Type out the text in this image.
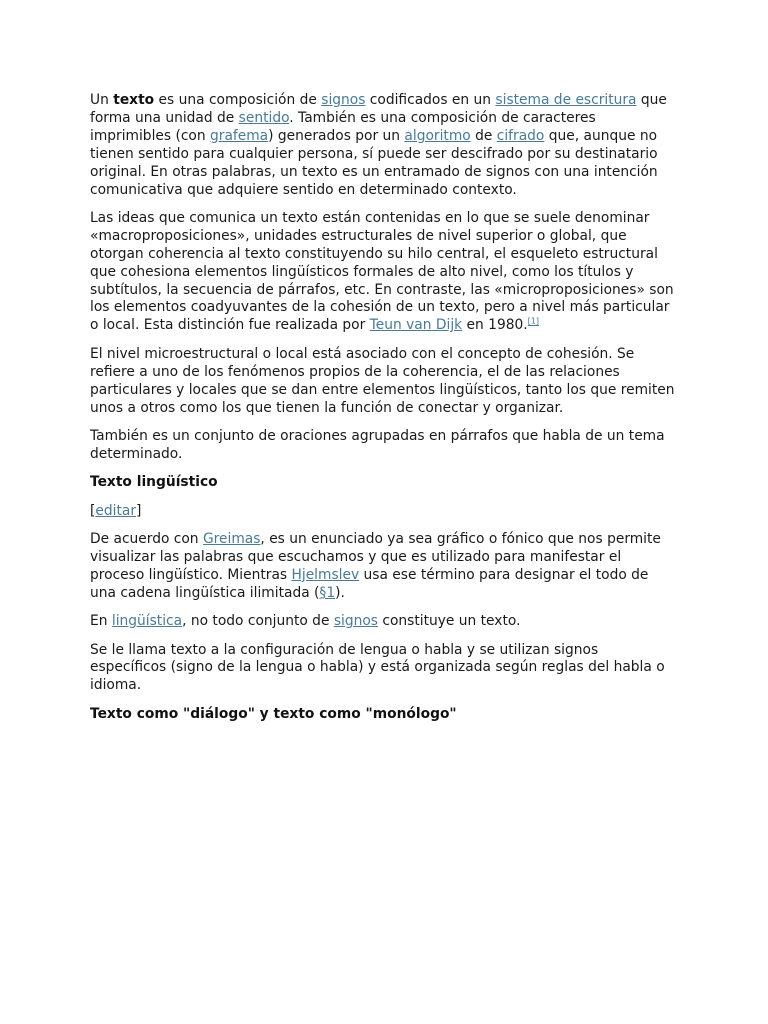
Un texto es una composición de signos codificados en un sistema de escritura que forma una unidad de sentido. También es una composición de caracteres imprimibles (con grafema) generados por un algoritmo de cifrado que, aunque no tienen sentido para cualquier persona, sí puede ser descifrado por su destinatario original. En otras palabras, un texto es un entramado de signos con una intención comunicativa que adquiere sentido en determinado contexto.

Las ideas que comunica un texto están contenidas en lo que se suele denominar «macroproposiciones», unidades estructurales de nivel superior o global, que otorgan coherencia al texto constituyendo su hilo central, el esqueleto estructural que cohesiona elementos lingüísticos formales de alto nivel, como los títulos y subtítulos, la secuencia de párrafos, etc. En contraste, las «microproposiciones» son los elementos coadyuvantes de la cohesión de un texto, pero a nivel más particular o local. Esta distinción fue realizada por Teun van Dijk en 1980.[1]

El nivel microestructural o local está asociado con el concepto de cohesión. Se refiere a uno de los fenómenos propios de la coherencia, el de las relaciones particulares y locales que se dan entre elementos lingüísticos, tanto los que remiten unos a otros como los que tienen la función de conectar y organizar.

También es un conjunto de oraciones agrupadas en párrafos que habla de un tema determinado.

Texto lingüístico

[editar]

De acuerdo con Greimas, es un enunciado ya sea gráfico o fónico que nos permite visualizar las palabras que escuchamos y que es utilizado para manifestar el proceso lingüístico. Mientras Hjelmslev usa ese término para designar el todo de una cadena lingüística ilimitada (§1).

En lingüística, no todo conjunto de signos constituye un texto.

Se le llama texto a la configuración de lengua o habla y se utilizan signos específicos (signo de la lengua o habla) y está organizada según reglas del habla o idioma.

Texto como "diálogo" y texto como "monólogo"
